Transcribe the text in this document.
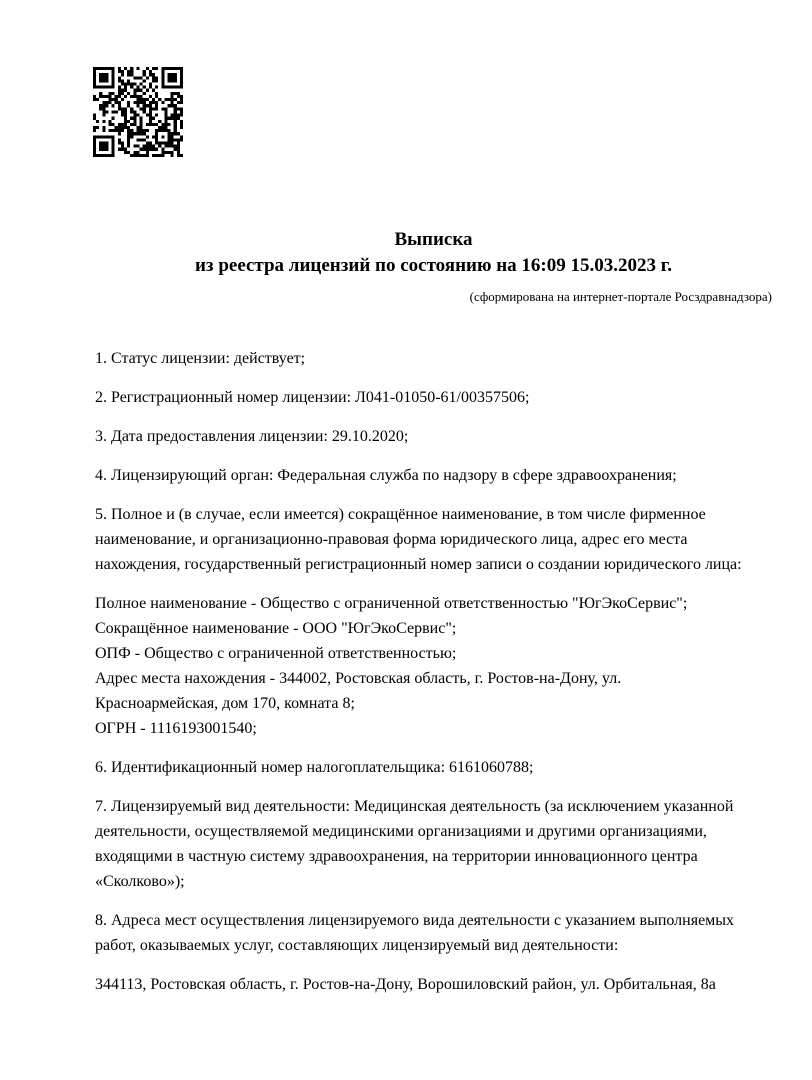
Выписка
из реестра лицензий по состоянию на 16:09 15.03.2023 г.
(сформирована на интернет-портале Росздравнадзора)
1. Статус лицензии: действует;
2. Регистрационный номер лицензии: Л041-01050-61/00357506;
3. Дата предоставления лицензии: 29.10.2020;
4. Лицензирующий орган: Федеральная служба по надзору в сфере здравоохранения;
5. Полное и (в случае, если имеется) сокращённое наименование, в том числе фирменное наименование, и организационно-правовая форма юридического лица, адрес его места нахождения, государственный регистрационный номер записи о создании юридического лица:
Полное наименование - Общество с ограниченной ответственностью "ЮгЭкоСервис";
Сокращённое наименование - ООО "ЮгЭкоСервис";
ОПФ - Общество с ограниченной ответственностью;
Адрес места нахождения - 344002, Ростовская область, г. Ростов-на-Дону, ул. Красноармейская, дом 170, комната 8;
ОГРН - 1116193001540;
6. Идентификационный номер налогоплательщика: 6161060788;
7. Лицензируемый вид деятельности: Медицинская деятельность (за исключением указанной деятельности, осуществляемой медицинскими организациями и другими организациями, входящими в частную систему здравоохранения, на территории инновационного центра «Сколково»);
8. Адреса мест осуществления лицензируемого вида деятельности с указанием выполняемых работ, оказываемых услуг, составляющих лицензируемый вид деятельности:
344113, Ростовская область, г. Ростов-на-Дону, Ворошиловский район, ул. Орбитальная, 8а
